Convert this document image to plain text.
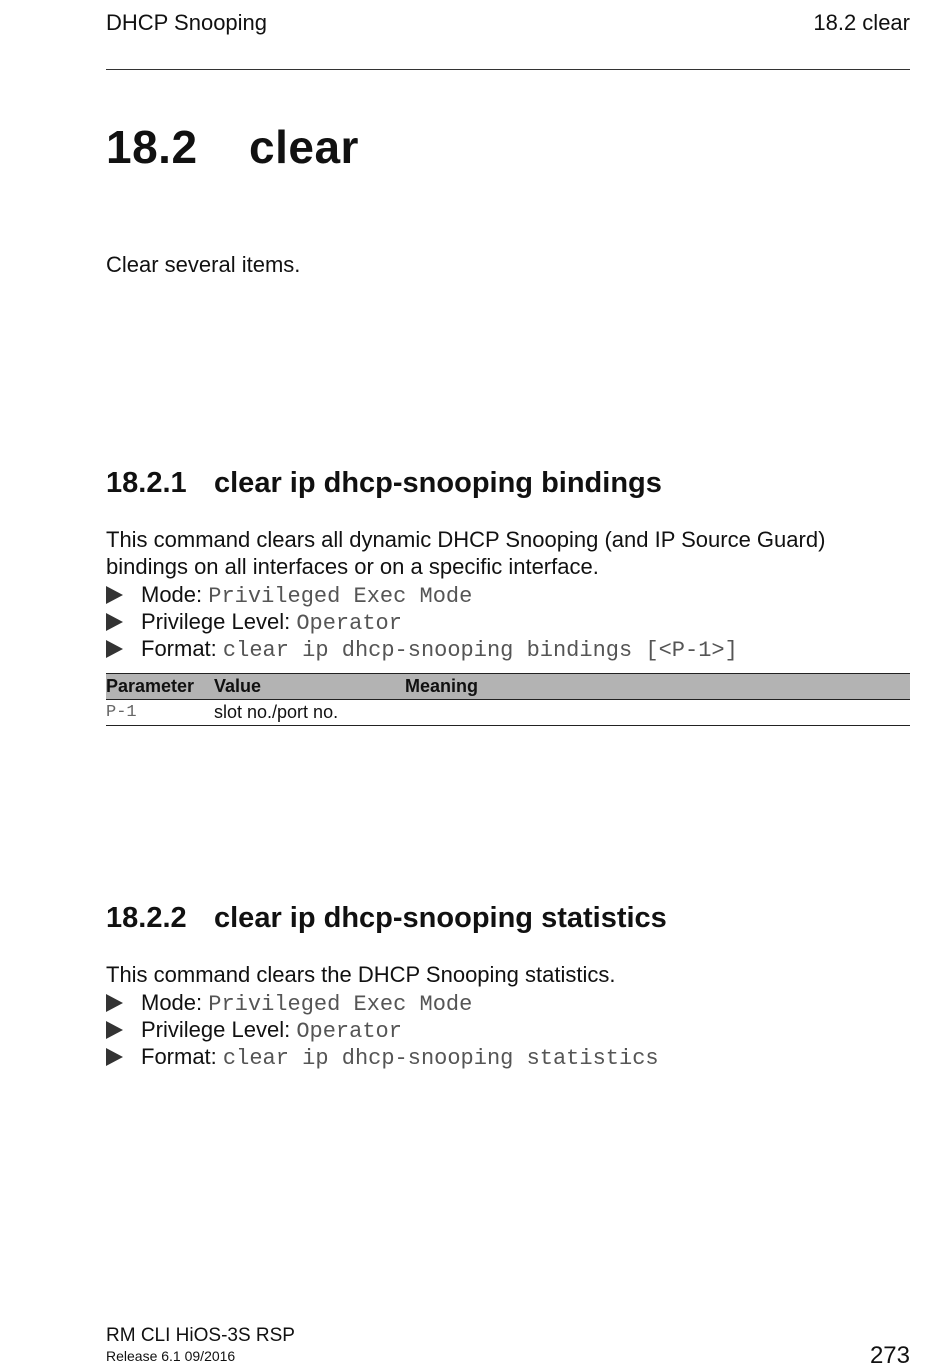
DHCP Snooping	18.2 clear
18.2 clear
Clear several items.
18.2.1 clear ip dhcp-snooping bindings
This command clears all dynamic DHCP Snooping (and IP Source Guard) bindings on all interfaces or on a specific interface.
Mode: Privileged Exec Mode
Privilege Level: Operator
Format: clear ip dhcp-snooping bindings [<P-1>]
Parameter	Value	Meaning
P-1	slot no./port no.	
18.2.2 clear ip dhcp-snooping statistics
This command clears the DHCP Snooping statistics.
Mode: Privileged Exec Mode
Privilege Level: Operator
Format: clear ip dhcp-snooping statistics
RM CLI HiOS-3S RSP
Release 6.1 09/2016	273
